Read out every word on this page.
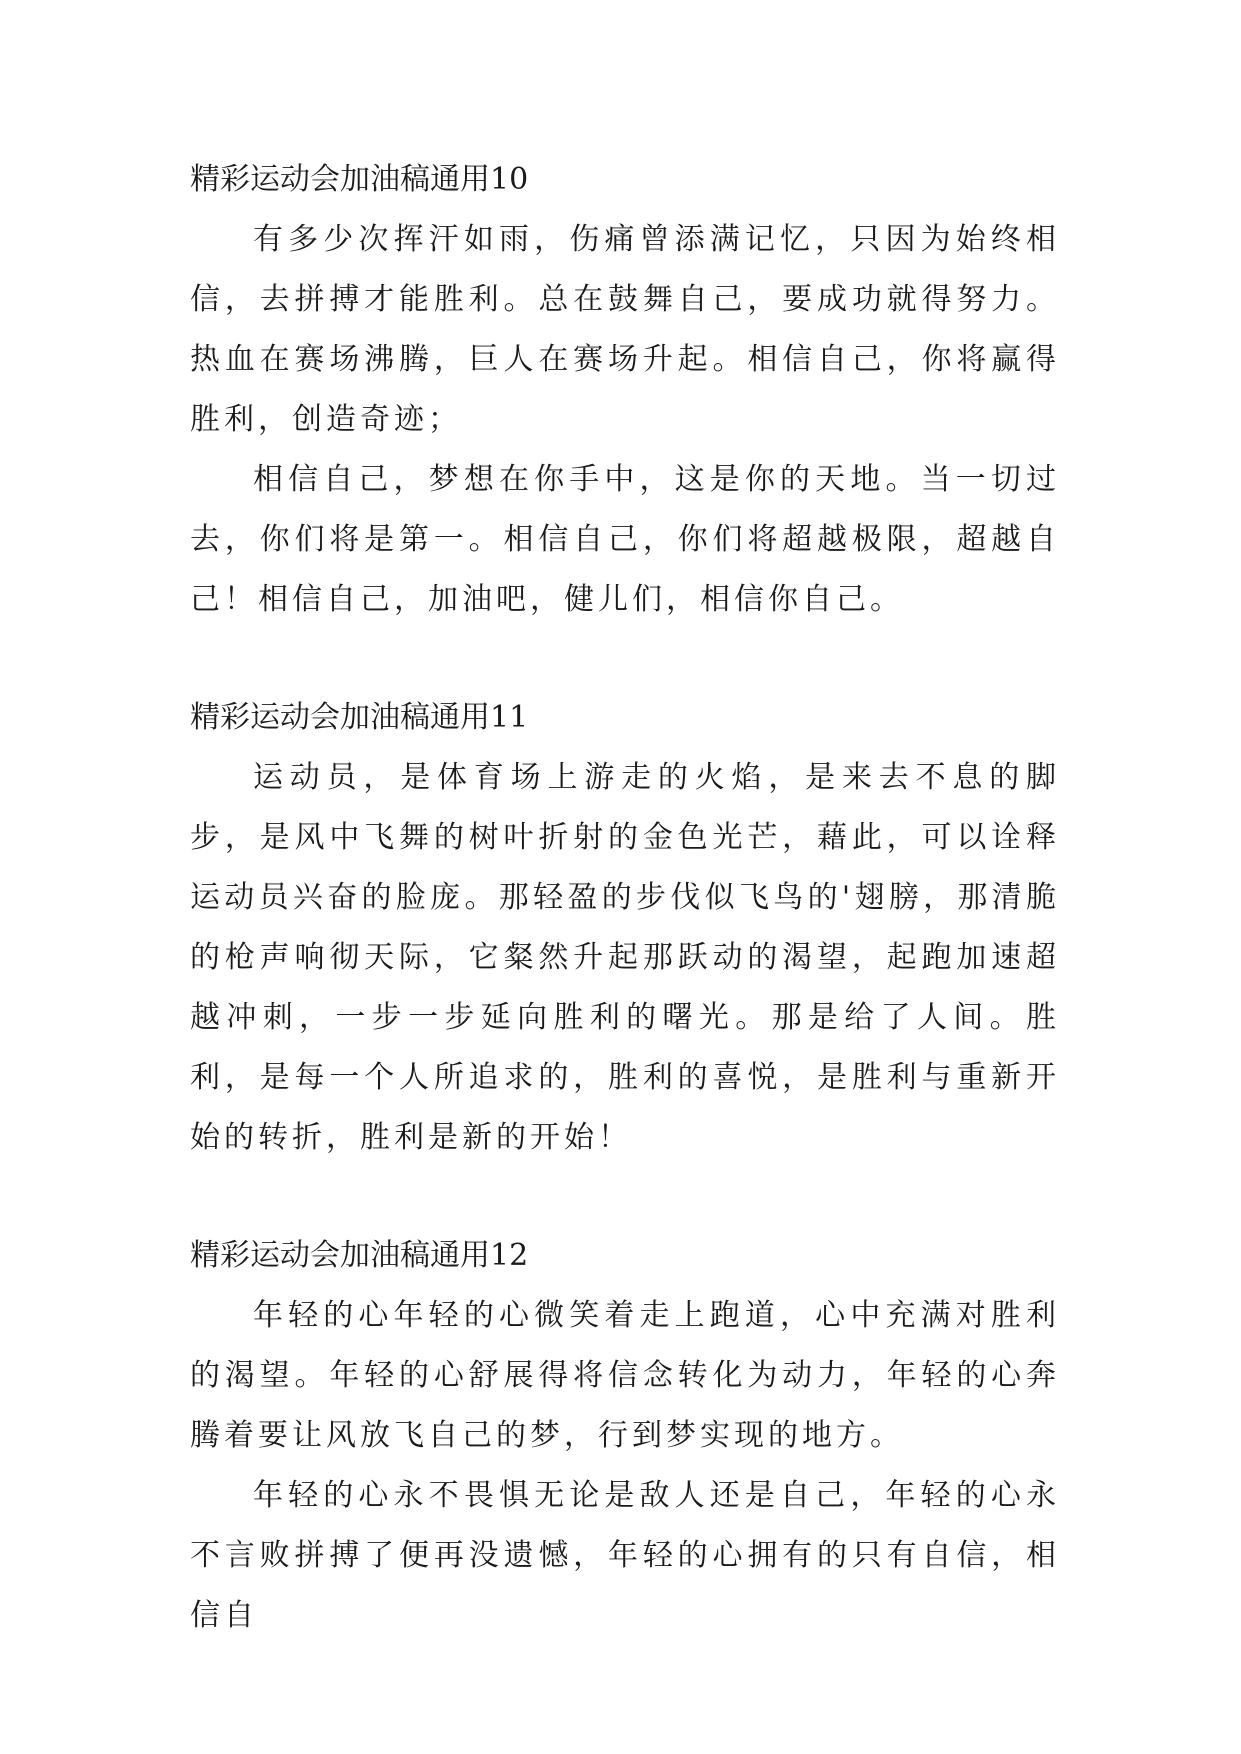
精彩运动会加油稿通用10

有多少次挥汗如雨，伤痛曾添满记忆，只因为始终相信，去拼搏才能胜利。总在鼓舞自己，要成功就得努力。热血在赛场沸腾，巨人在赛场升起。相信自己，你将赢得胜利，创造奇迹；

相信自己，梦想在你手中，这是你的天地。当一切过去，你们将是第一。相信自己，你们将超越极限，超越自己！相信自己，加油吧，健儿们，相信你自己。

精彩运动会加油稿通用11

运动员，是体育场上游走的火焰，是来去不息的脚步，是风中飞舞的树叶折射的金色光芒，藉此，可以诠释运动员兴奋的脸庞。那轻盈的步伐似飞鸟的'翅膀，那清脆的枪声响彻天际，它粲然升起那跃动的渴望，起跑加速超越冲刺，一步一步延向胜利的曙光。那是给了人间。胜利，是每一个人所追求的，胜利的喜悦，是胜利与重新开始的转折，胜利是新的开始！

精彩运动会加油稿通用12

年轻的心年轻的心微笑着走上跑道，心中充满对胜利的渴望。年轻的心舒展得将信念转化为动力，年轻的心奔腾着要让风放飞自己的梦，行到梦实现的地方。

年轻的心永不畏惧无论是敌人还是自己，年轻的心永不言败拼搏了便再没遗憾，年轻的心拥有的只有自信，相信自
